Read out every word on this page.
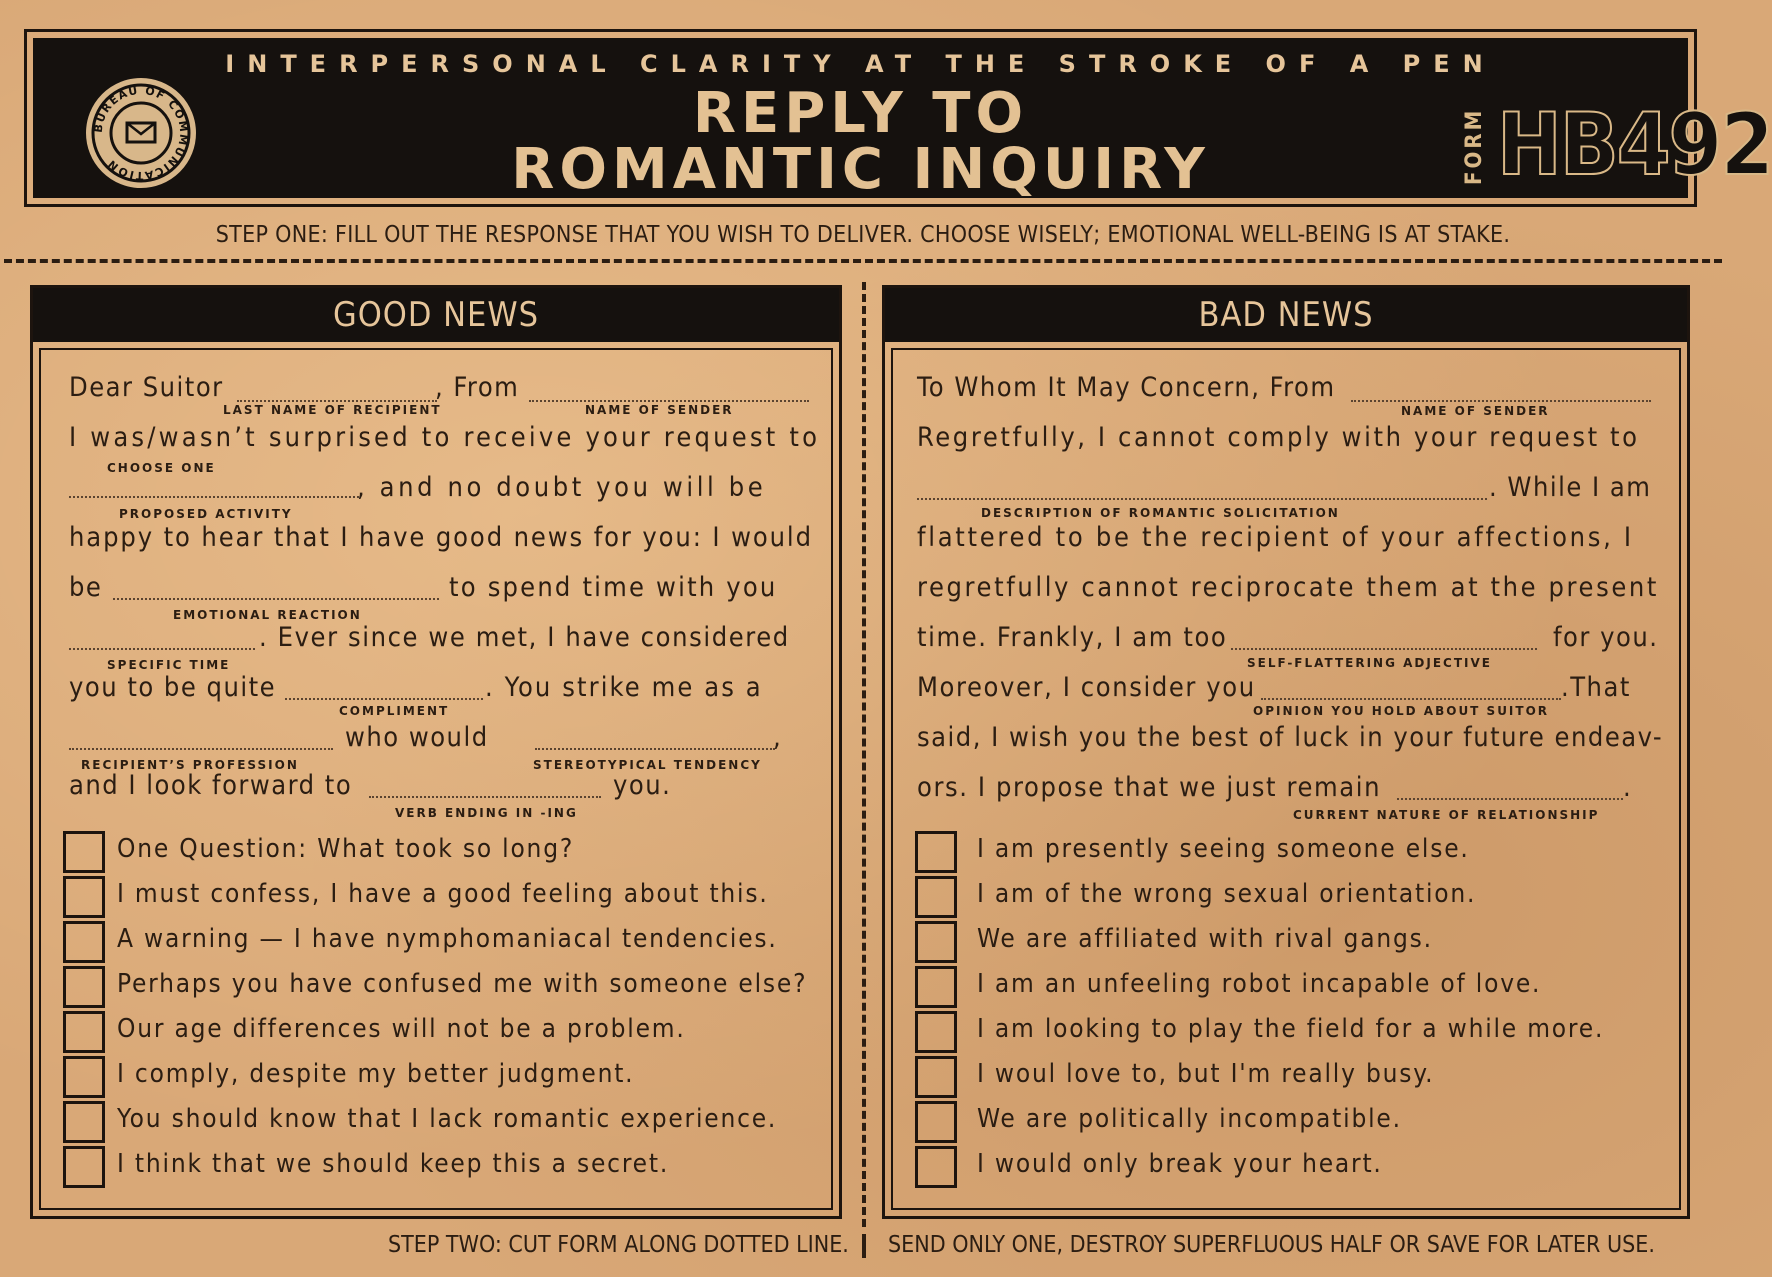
INTERPERSONAL CLARITY AT THE STROKE OF A PEN
REPLY TO
ROMANTIC INQUIRY
BUREAU OF COMMUNICATION	FORM HB492
STEP ONE: FILL OUT THE RESPONSE THAT YOU WISH TO DELIVER. CHOOSE WISELY; EMOTIONAL WELL-BEING IS AT STAKE.
GOOD NEWS
Dear Suitor	, From
LAST NAME OF RECIPIENT	NAME OF SENDER
I was/wasn’t surprised to receive your request to
CHOOSE ONE
, and no doubt you will be
PROPOSED ACTIVITY
happy to hear that I have good news for you: I would
be	to spend time with you
EMOTIONAL REACTION
. Ever since we met, I have considered
SPECIFIC TIME
you to be quite	. You strike me as a
COMPLIMENT
who would	,
RECIPIENT’S PROFESSION	STEREOTYPICAL TENDENCY
and I look forward to	you.
VERB ENDING IN -ING
One Question: What took so long?
I must confess, I have a good feeling about this.
A warning — I have nymphomaniacal tendencies.
Perhaps you have confused me with someone else?
Our age differences will not be a problem.
I comply, despite my better judgment.
You should know that I lack romantic experience.
I think that we should keep this a secret.
BAD NEWS
To Whom It May Concern, From
NAME OF SENDER
Regretfully, I cannot comply with your request to
. While I am
DESCRIPTION OF ROMANTIC SOLICITATION
flattered to be the recipient of your affections, I
regretfully cannot reciprocate them at the present
time. Frankly, I am too	for you.
SELF-FLATTERING ADJECTIVE
Moreover, I consider you	.That
OPINION YOU HOLD ABOUT SUITOR
said, I wish you the best of luck in your future endeav-
ors. I propose that we just remain	.
CURRENT NATURE OF RELATIONSHIP
I am presently seeing someone else.
I am of the wrong sexual orientation.
We are affiliated with rival gangs.
I am an unfeeling robot incapable of love.
I am looking to play the field for a while more.
I woul love to, but I'm really busy.
We are politically incompatible.
I would only break your heart.
STEP TWO: CUT FORM ALONG DOTTED LINE. SEND ONLY ONE, DESTROY SUPERFLUOUS HALF OR SAVE FOR LATER USE.
